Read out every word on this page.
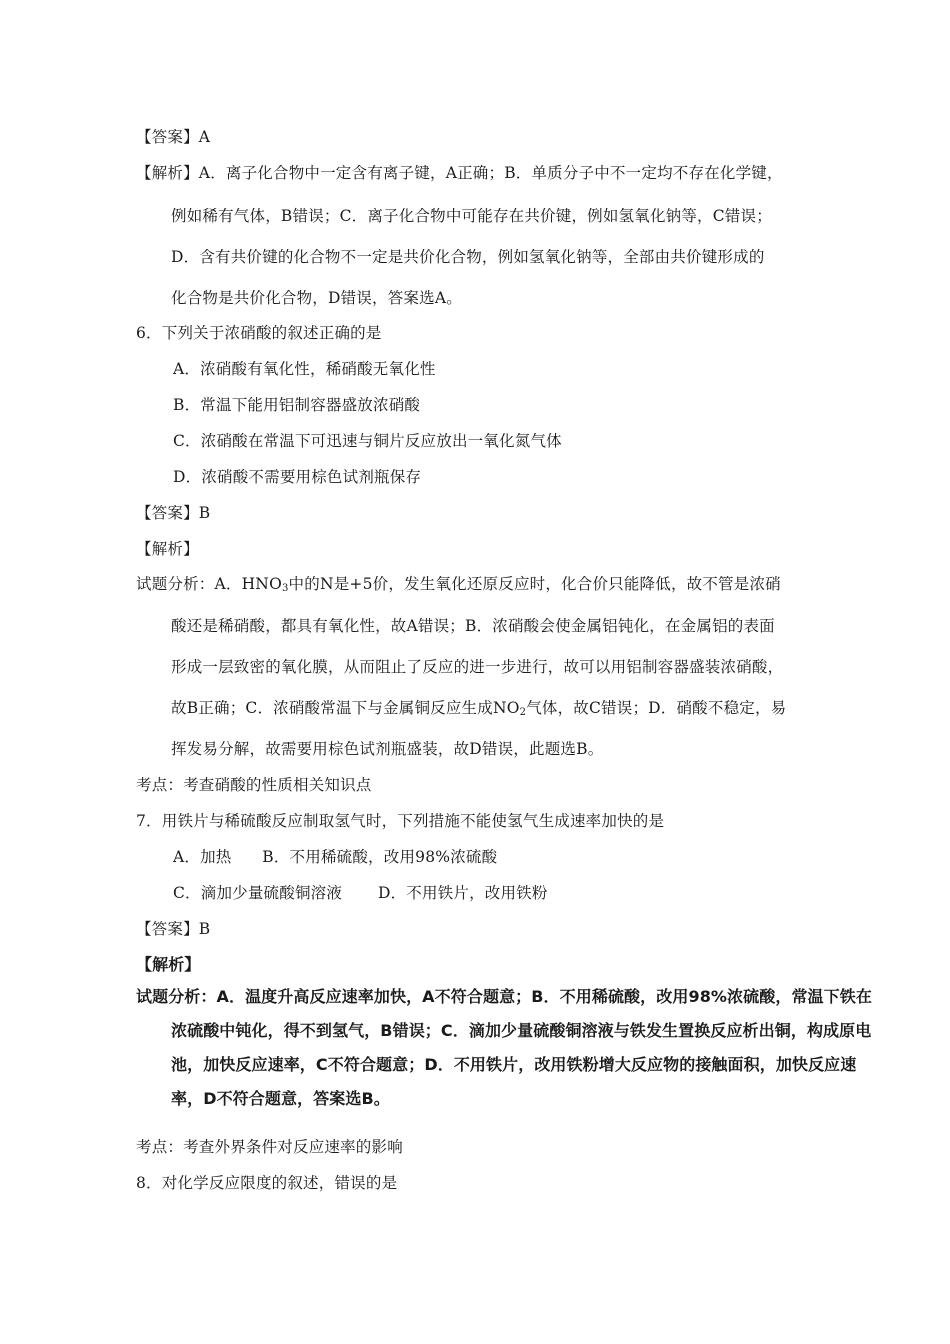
【答案】A
【解析】A．离子化合物中一定含有离子键，A正确；B．单质分子中不一定均不存在化学键，
例如稀有气体，B错误；C．离子化合物中可能存在共价键，例如氢氧化钠等，C错误；
D．含有共价键的化合物不一定是共价化合物，例如氢氧化钠等，全部由共价键形成的
化合物是共价化合物，D错误，答案选A。
6．下列关于浓硝酸的叙述正确的是
A．浓硝酸有氧化性，稀硝酸无氧化性
B．常温下能用铝制容器盛放浓硝酸
C．浓硝酸在常温下可迅速与铜片反应放出一氧化氮气体
D．浓硝酸不需要用棕色试剂瓶保存
【答案】B
【解析】
试题分析：A．$HNO_3$中的N是+5价，发生氧化还原反应时，化合价只能降低，故不管是浓硝
酸还是稀硝酸，都具有氧化性，故A错误；B．浓硝酸会使金属铝钝化，在金属铝的表面
形成一层致密的氧化膜，从而阻止了反应的进一步进行，故可以用铝制容器盛装浓硝酸，
故B正确；C．浓硝酸常温下与金属铜反应生成$NO_2$气体，故C错误；D．硝酸不稳定，易
挥发易分解，故需要用棕色试剂瓶盛装，故D错误，此题选B。
考点：考查硝酸的性质相关知识点
7．用铁片与稀硫酸反应制取氢气时，下列措施不能使氢气生成速率加快的是
A．加热      B．不用稀硫酸，改用98%浓硫酸
C．滴加少量硫酸铜溶液       D．不用铁片，改用铁粉
【答案】B
【解析】
试题分析：A．温度升高反应速率加快，A不符合题意；B．不用稀硫酸，改用98%浓硫酸，常温下铁在
浓硫酸中钝化，得不到氢气，B错误；C．滴加少量硫酸铜溶液与铁发生置换反应析出铜，构成原电
池，加快反应速率，C不符合题意；D．不用铁片，改用铁粉增大反应物的接触面积，加快反应速
率，D不符合题意，答案选B。
考点：考查外界条件对反应速率的影响
8．对化学反应限度的叙述，错误的是
